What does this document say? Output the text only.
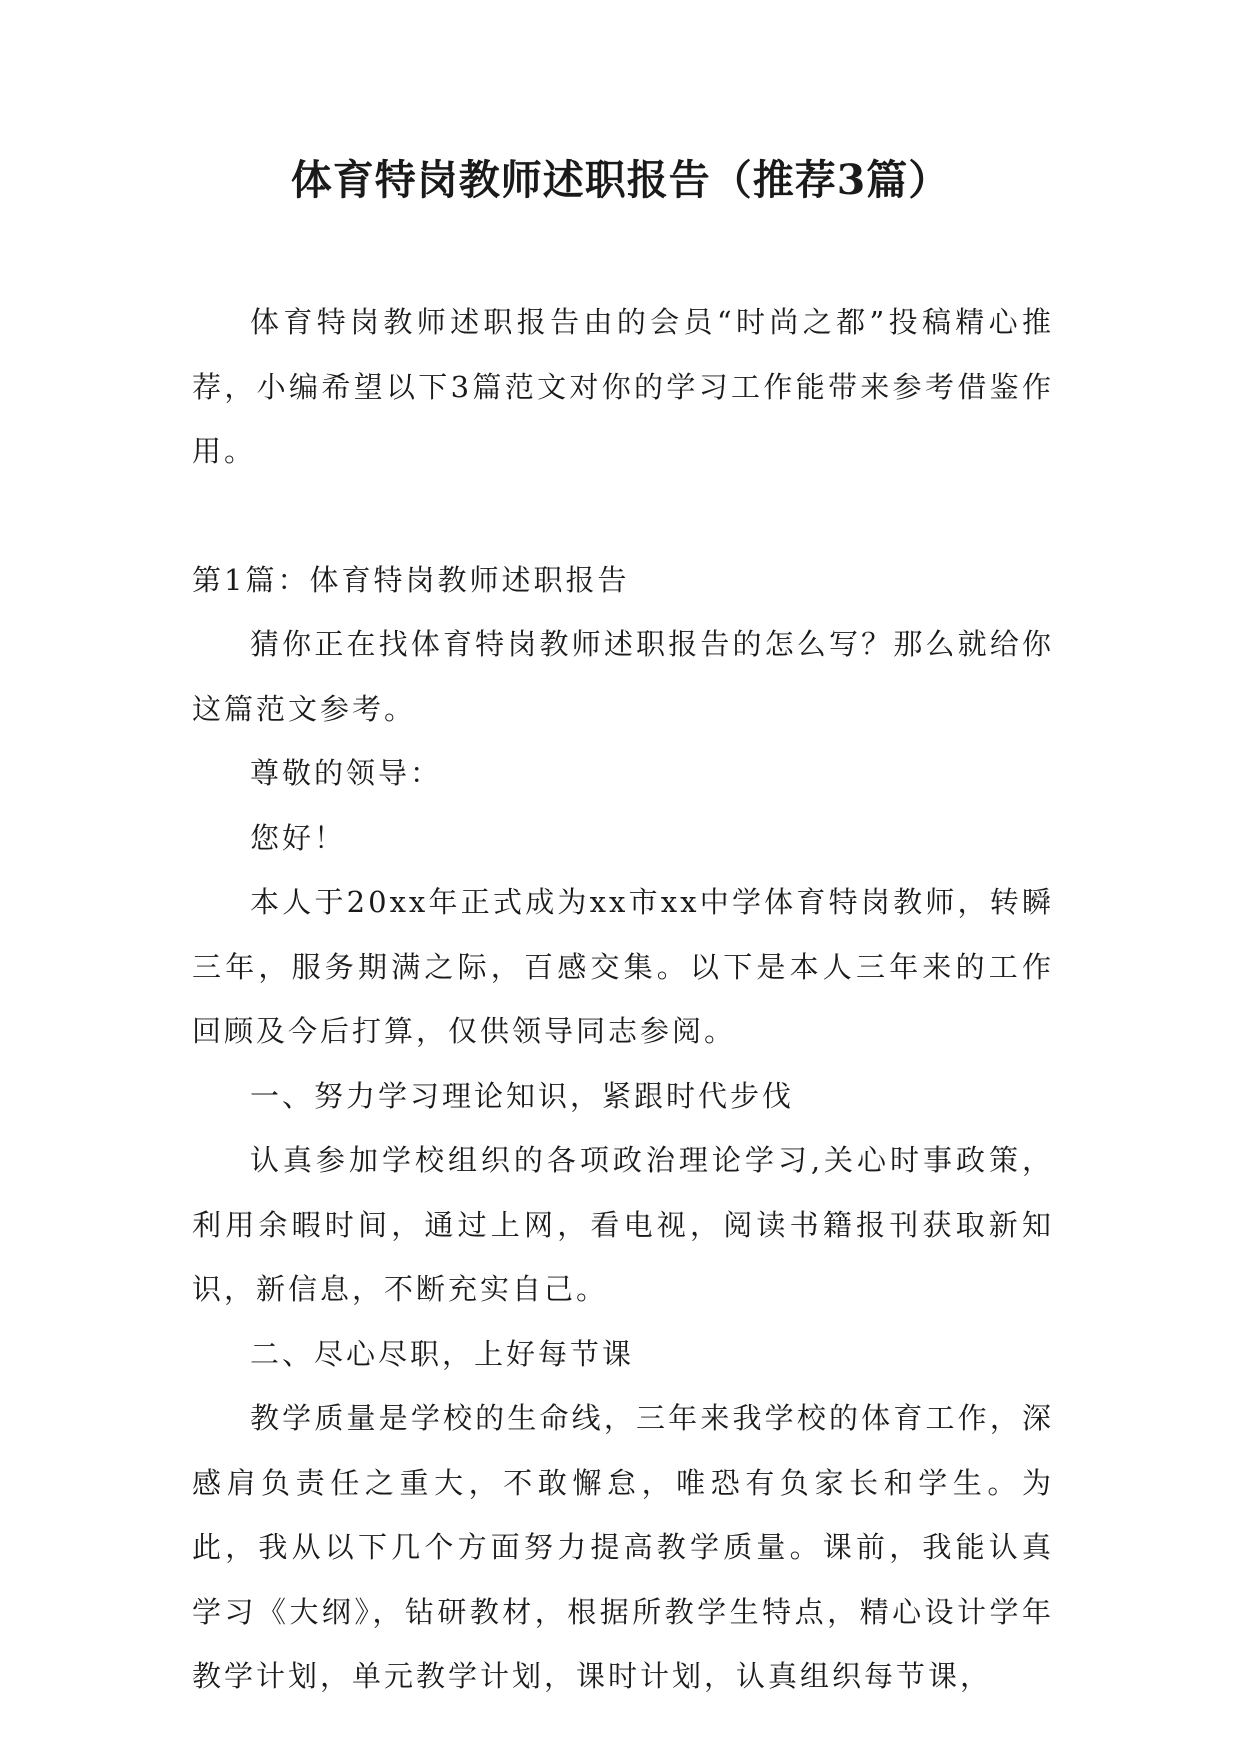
体育特岗教师述职报告（推荐3篇）

体育特岗教师述职报告由的会员“时尚之都”投稿精心推荐，小编希望以下3篇范文对你的学习工作能带来参考借鉴作用。

第1篇：体育特岗教师述职报告

猜你正在找体育特岗教师述职报告的怎么写？那么就给你这篇范文参考。

尊敬的领导：

您好！

本人于20xx年正式成为xx市xx中学体育特岗教师，转瞬三年，服务期满之际，百感交集。以下是本人三年来的工作回顾及今后打算，仅供领导同志参阅。

一、努力学习理论知识，紧跟时代步伐

认真参加学校组织的各项政治理论学习,关心时事政策，利用余暇时间，通过上网，看电视，阅读书籍报刊获取新知识，新信息，不断充实自己。

二、尽心尽职，上好每节课

教学质量是学校的生命线，三年来我学校的体育工作，深感肩负责任之重大，不敢懈怠，唯恐有负家长和学生。为此，我从以下几个方面努力提高教学质量。课前，我能认真学习《大纲》，钻研教材，根据所教学生特点，精心设计学年教学计划，单元教学计划，课时计划，认真组织每节课，
